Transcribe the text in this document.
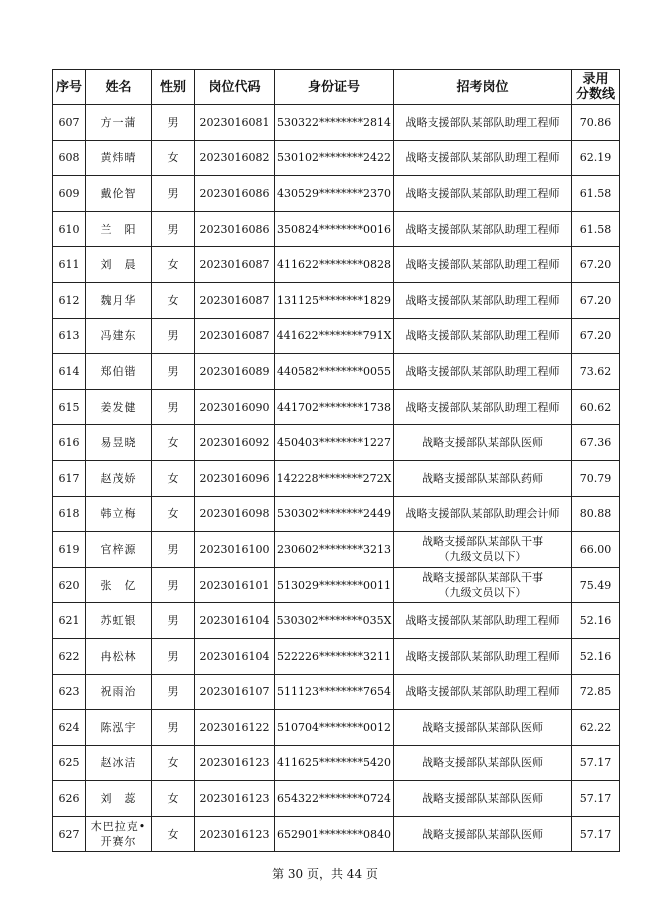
序号	姓名	性别	岗位代码	身份证号	招考岗位	录用
分数线
607	方一蒲	男	2023016081	530322********2814	战略支援部队某部队助理工程师	70.86
608	黄炜晴	女	2023016082	530102********2422	战略支援部队某部队助理工程师	62.19
609	戴伦智	男	2023016086	430529********2370	战略支援部队某部队助理工程师	61.58
610	兰　阳	男	2023016086	350824********0016	战略支援部队某部队助理工程师	61.58
611	刘　晨	女	2023016087	411622********0828	战略支援部队某部队助理工程师	67.20
612	魏月华	女	2023016087	131125********1829	战略支援部队某部队助理工程师	67.20
613	冯建东	男	2023016087	441622********791X	战略支援部队某部队助理工程师	67.20
614	郑伯锴	男	2023016089	440582********0055	战略支援部队某部队助理工程师	73.62
615	姜发健	男	2023016090	441702********1738	战略支援部队某部队助理工程师	60.62
616	易昱晓	女	2023016092	450403********1227	战略支援部队某部队医师	67.36
617	赵茂娇	女	2023016096	142228********272X	战略支援部队某部队药师	70.79
618	韩立梅	女	2023016098	530302********2449	战略支援部队某部队助理会计师	80.88
619	官梓源	男	2023016100	230602********3213	战略支援部队某部队干事
（九级文员以下）	66.00
620	张　亿	男	2023016101	513029********0011	战略支援部队某部队干事
（九级文员以下）	75.49
621	苏虹银	男	2023016104	530302********035X	战略支援部队某部队助理工程师	52.16
622	冉松林	男	2023016104	522226********3211	战略支援部队某部队助理工程师	52.16
623	祝雨治	男	2023016107	511123********7654	战略支援部队某部队助理工程师	72.85
624	陈泓宇	男	2023016122	510704********0012	战略支援部队某部队医师	62.22
625	赵冰洁	女	2023016123	411625********5420	战略支援部队某部队医师	57.17
626	刘　蕊	女	2023016123	654322********0724	战略支援部队某部队医师	57.17
627	木巴拉克•
开赛尔	女	2023016123	652901********0840	战略支援部队某部队医师	57.17
第 30 页，共 44 页
